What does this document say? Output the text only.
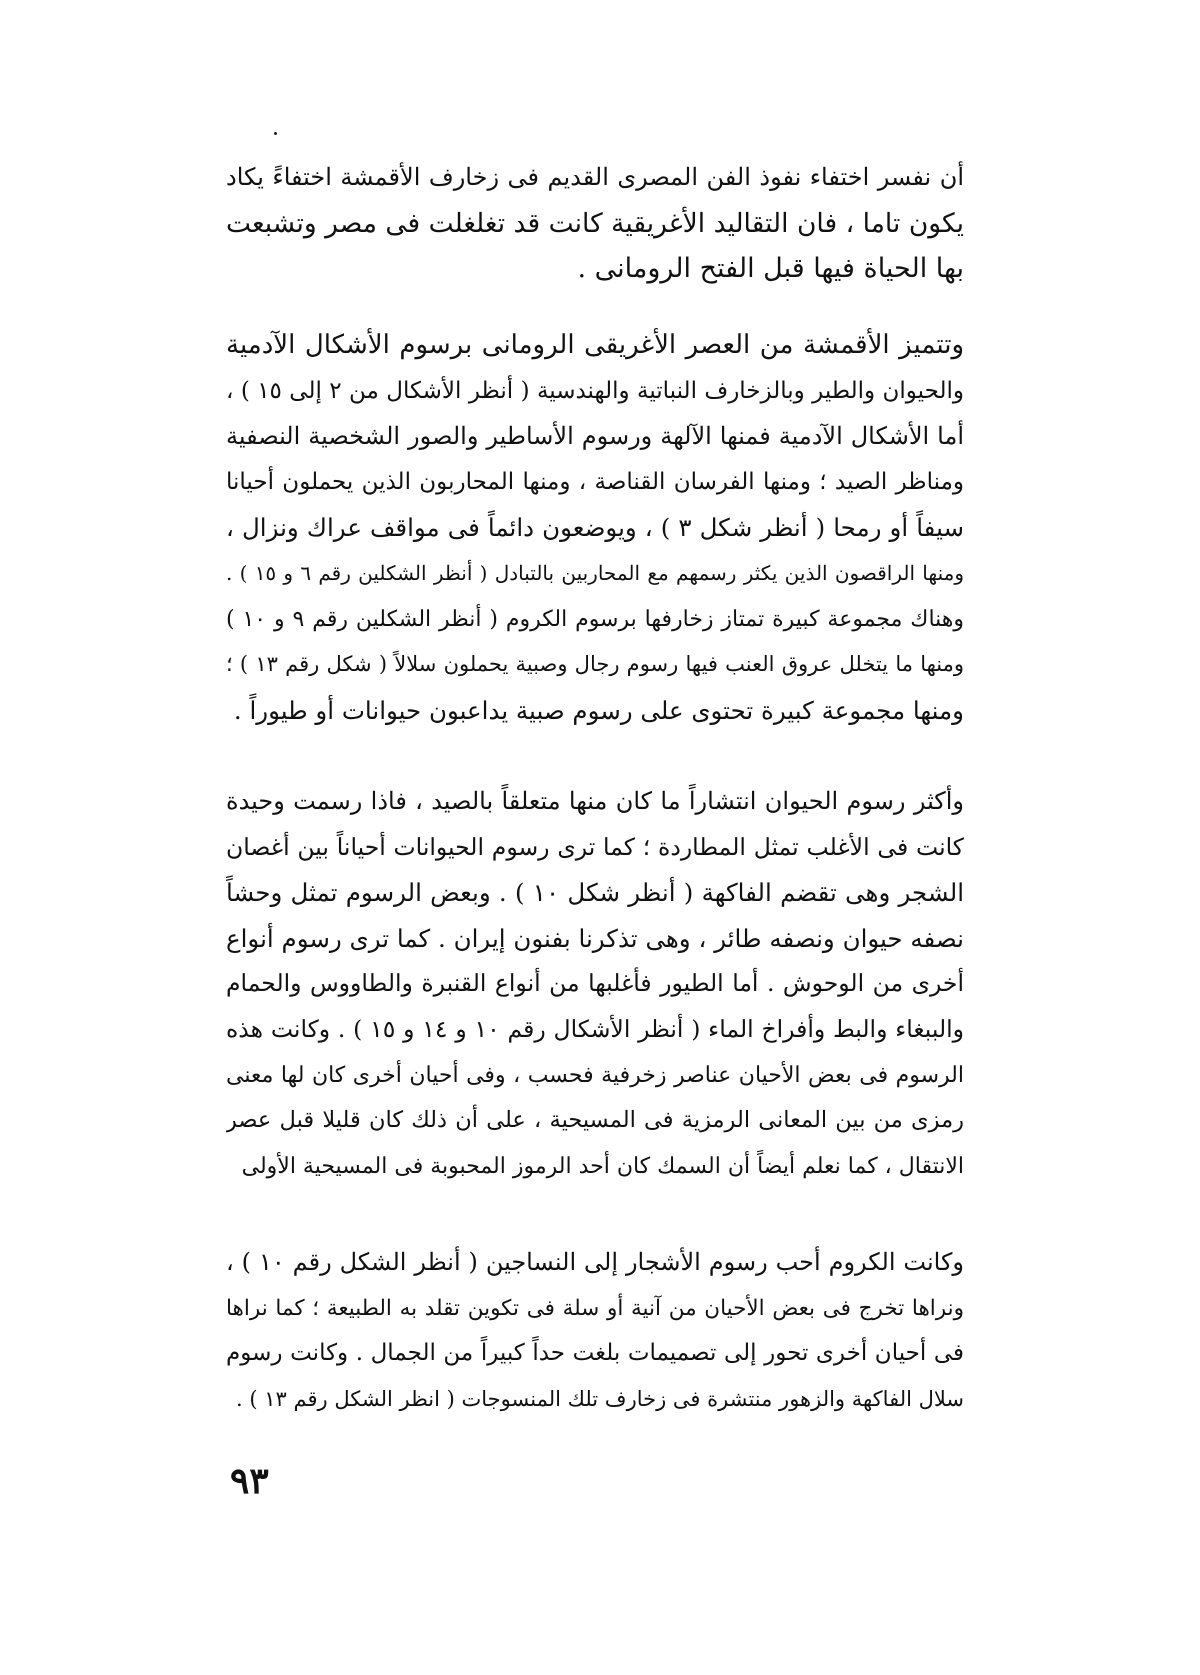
أن نفسر اختفاء نفوذ الفن المصرى القديم فى زخارف الأقمشة اختفاءً يكاد
يكون تاما ، فان التقاليد الأغريقية كانت قد تغلغلت فى مصر وتشبعت
بها الحياة فيها قبل الفتح الرومانى .

وتتميز الأقمشة من العصر الأغريقى الرومانى برسوم الأشكال الآدمية
والحيوان والطير وبالزخارف النباتية والهندسية ( أنظر الأشكال من ٢ إلى ١٥ ) ،
أما الأشكال الآدمية فمنها الآلهة ورسوم الأساطير والصور الشخصية النصفية
ومناظر الصيد ؛ ومنها الفرسان القناصة ، ومنها المحاربون الذين يحملون أحيانا
سيفاً أو رمحا ( أنظر شكل ٣ ) ، ويوضعون دائماً فى مواقف عراك ونزال ،
ومنها الراقصون الذين يكثر رسمهم مع المحاربين بالتبادل ( أنظر الشكلين رقم ٦ و ١٥ ) .
وهناك مجموعة كبيرة تمتاز زخارفها برسوم الكروم ( أنظر الشكلين رقم ٩ و ١٠ )
ومنها ما يتخلل عروق العنب فيها رسوم رجال وصبية يحملون سلالاً ( شكل رقم ١٣ ) ؛
ومنها مجموعة كبيرة تحتوى على رسوم صبية يداعبون حيوانات أو طيوراً .

وأكثر رسوم الحيوان انتشاراً ما كان منها متعلقاً بالصيد ، فاذا رسمت وحيدة
كانت فى الأغلب تمثل المطاردة ؛ كما ترى رسوم الحيوانات أحياناً بين أغصان
الشجر وهى تقضم الفاكهة ( أنظر شكل ١٠ ) . وبعض الرسوم تمثل وحشاً
نصفه حيوان ونصفه طائر ، وهى تذكرنا بفنون إيران . كما ترى رسوم أنواع
أخرى من الوحوش . أما الطيور فأغلبها من أنواع القنبرة والطاووس والحمام
والببغاء والبط وأفراخ الماء ( أنظر الأشكال رقم ١٠ و ١٤ و ١٥ ) . وكانت هذه
الرسوم فى بعض الأحيان عناصر زخرفية فحسب ، وفى أحيان أخرى كان لها معنى
رمزى من بين المعانى الرمزية فى المسيحية ، على أن ذلك كان قليلا قبل عصر
الانتقال ، كما نعلم أيضاً أن السمك كان أحد الرموز المحبوبة فى المسيحية الأولى

وكانت الكروم أحب رسوم الأشجار إلى النساجين ( أنظر الشكل رقم ١٠ ) ،
ونراها تخرج فى بعض الأحيان من آنية أو سلة فى تكوين تقلد به الطبيعة ؛ كما نراها
فى أحيان أخرى تحور إلى تصميمات بلغت حداً كبيراً من الجمال . وكانت رسوم
سلال الفاكهة والزهور منتشرة فى زخارف تلك المنسوجات ( انظر الشكل رقم ١٣ ) .

٩٣
